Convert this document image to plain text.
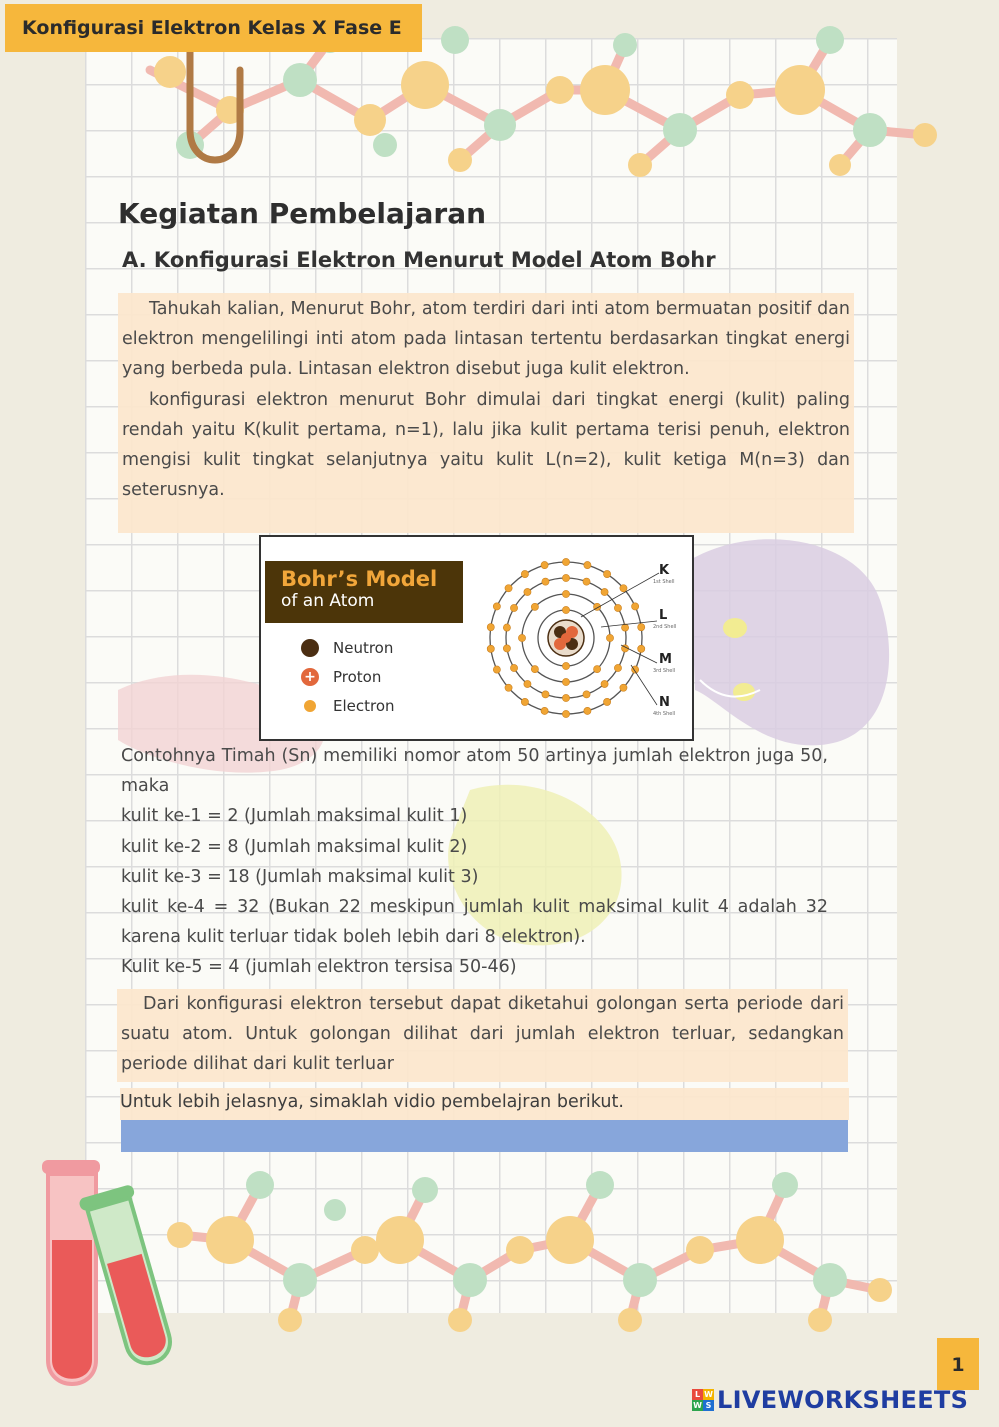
Konfigurasi Elektron Kelas X Fase E
Kegiatan Pembelajaran
A. Konfigurasi Elektron Menurut Model Atom Bohr

Tahukah kalian, Menurut Bohr, atom terdiri dari inti atom bermuatan positif dan elektron mengelilingi inti atom pada lintasan tertentu berdasarkan tingkat energi yang berbeda pula. Lintasan elektron disebut juga kulit elektron.

konfigurasi elektron menurut Bohr dimulai dari tingkat energi (kulit) paling rendah yaitu K(kulit pertama, n=1), lalu jika kulit pertama terisi penuh, elektron mengisi kulit tingkat selanjutnya yaitu kulit L(n=2), kulit ketiga M(n=3) dan seterusnya.

Bohr’s Model
of an Atom
Neutron
+ Proton
Electron
K
1st Shell
L
2nd Shell
M
3rd Shell
N
4th Shell
Contohnya Timah (Sn) memiliki nomor atom 50 artinya jumlah elektron juga 50, maka
kulit ke-1 = 2 (Jumlah maksimal kulit 1)
kulit ke-2 = 8 (Jumlah maksimal kulit 2)
kulit ke-3 = 18 (Jumlah maksimal kulit 3)
kulit ke-4 = 32 (Bukan 22 meskipun jumlah kulit maksimal kulit 4 adalah 32 karena kulit terluar tidak boleh lebih dari 8 elektron).
Kulit ke-5 = 4 (jumlah elektron tersisa 50-46)

Dari konfigurasi elektron tersebut dapat diketahui golongan serta periode dari suatu atom. Untuk golongan dilihat dari jumlah elektron terluar, sedangkan periode dilihat dari kulit terluar

Untuk lebih jelasnya, simaklah vidio pembelajran berikut.
1
L W
W S LIVEWORKSHEETS
